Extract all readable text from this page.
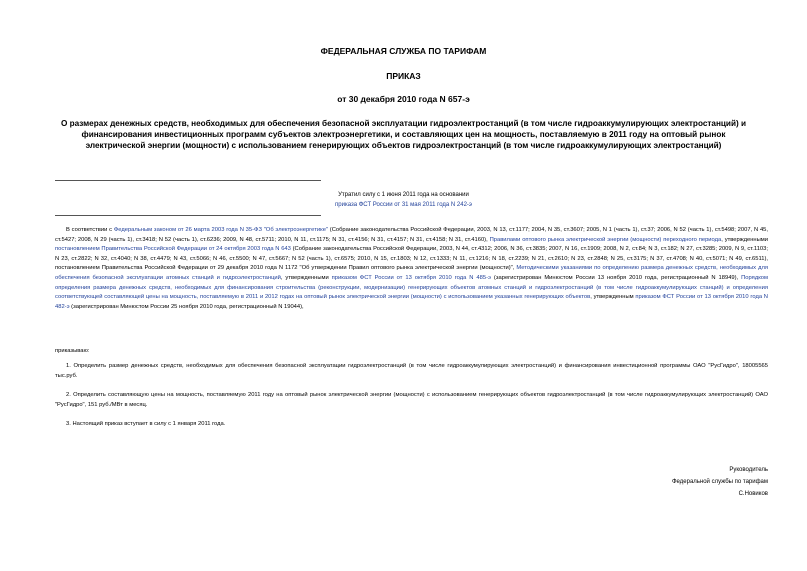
ФЕДЕРАЛЬНАЯ СЛУЖБА ПО ТАРИФАМ
ПРИКАЗ
от 30 декабря 2010 года N 657-э
О размерах денежных средств, необходимых для обеспечения безопасной эксплуатации гидроэлектростанций (в том числе гидроаккумулирующих электростанций) и финансирования инвестиционных программ субъектов электроэнергетики, и составляющих цен на мощность, поставляемую в 2011 году на оптовый рынок электрической энергии (мощности) с использованием генерирующих объектов гидроэлектростанций (в том числе гидроаккумулирующих электростанций)
Утратил силу с 1 июня 2011 года на основании
приказа ФСТ России от 31 мая 2011 года N 242-э
В соответствии с Федеральным законом от 26 марта 2003 года N 35-ФЗ "Об электроэнергетике" (Собрание законодательства Российской Федерации, 2003, N 13, ст.1177; 2004, N 35, ст.3607; 2005, N 1 (часть 1), ст.37; 2006, N 52 (часть 1), ст.5498; 2007, N 45, ст.5427; 2008, N 29 (часть 1), ст.3418; N 52 (часть 1), ст.6236; 2009, N 48, ст.5711; 2010, N 11, ст.1175; N 31, ст.4156; N 31, ст.4157; N 31, ст.4158; N 31, ст.4160), Правилами оптового рынка электрической энергии (мощности) переходного периода, утвержденными постановлением Правительства Российской Федерации от 24 октября 2003 года N 643 (Собрание законодательства Российской Федерации, 2003, N 44, ст.4312; 2006, N 36, ст.3835; 2007, N 16, ст.1909; 2008, N 2, ст.84; N 3, ст.182; N 27, ст.3285; 2009, N 9, ст.1103; N 23, ст.2822; N 32, ст.4040; N 38, ст.4479; N 43, ст.5066; N 46, ст.5500; N 47, ст.5667; N 52 (часть 1), ст.6575; 2010, N 15, ст.1803; N 12, ст.1333; N 11, ст.1216; N 18, ст.2239; N 21, ст.2610; N 23, ст.2848; N 25, ст.3175; N 37, ст.4708; N 40, ст.5071; N 49, ст.6511), постановлением Правительства Российской Федерации от 29 декабря 2010 года N 1172 "Об утверждении Правил оптового рынка электрической энергии (мощности)", Методическими указаниями по определению размера денежных средств, необходимых для обеспечения безопасной эксплуатации атомных станций и гидроэлектростанций, утвержденными приказом ФСТ России от 13 октября 2010 года N 485-э (зарегистрирован Минюстом России 13 ноября 2010 года, регистрационный N 18949), Порядком определения размера денежных средств, необходимых для финансирования строительства (реконструкции, модернизации) генерирующих объектов атомных станций и гидроэлектростанций (в том числе гидроаккумулирующих станций) и определения соответствующей составляющей цены на мощность, поставляемую в 2011 и 2012 годах на оптовый рынок электрической энергии (мощности) с использованием указанных генерирующих объектов, утвержденным приказом ФСТ России от 13 октября 2010 года N 482-э (зарегистрирован Минюстом России 25 ноября 2010 года, регистрационный N 19044),
приказываю:
1. Определить размер денежных средств, необходимых для обеспечения безопасной эксплуатации гидроэлектростанций (в том числе гидроаккумулирующих электростанций) и финансирования инвестиционной программы ОАО "РусГидро", 18005565 тыс.руб.
2. Определить составляющую цены на мощность, поставляемую 2011 году на оптовый рынок электрической энергии (мощности) с использованием генерирующих объектов гидроэлектростанций (в том числе гидроаккумулирующих электростанций) ОАО "РусГидро", 151 руб./МВт в месяц.
3. Настоящий приказ вступает в силу с 1 января 2011 года.
Руководитель
Федеральной службы по тарифам
С.Новиков
